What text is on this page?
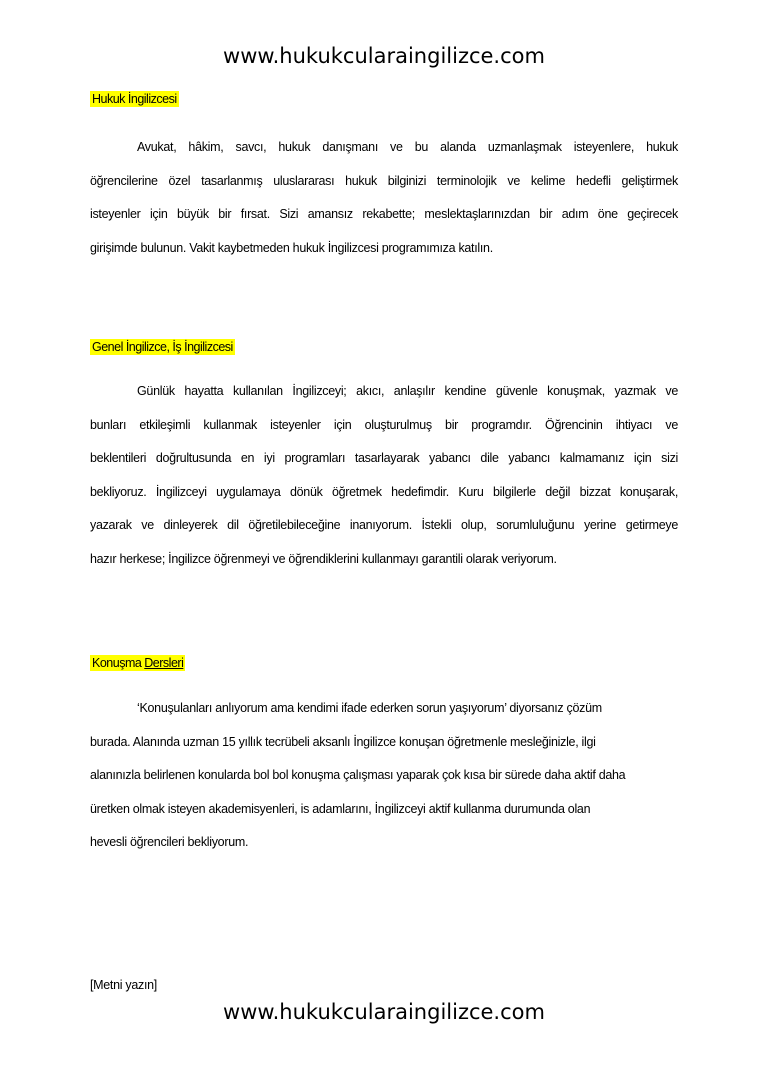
www.hukukcularaingilizce.com
Hukuk İngilizcesi
Avukat, hâkim, savcı, hukuk danışmanı ve bu alanda uzmanlaşmak isteyenlere, hukuk
öğrencilerine özel tasarlanmış uluslararası hukuk bilginizi terminolojik ve kelime hedefli geliştirmek
isteyenler için büyük bir fırsat. Sizi amansız rekabette; meslektaşlarınızdan bir adım öne geçirecek
girişimde bulunun. Vakit kaybetmeden hukuk İngilizcesi programımıza katılın.
Genel İngilizce, İş İngilizcesi
Günlük hayatta kullanılan İngilizceyi; akıcı, anlaşılır kendine güvenle konuşmak, yazmak ve
bunları etkileşimli kullanmak isteyenler için oluşturulmuş bir programdır. Öğrencinin ihtiyacı ve
beklentileri doğrultusunda en iyi programları tasarlayarak yabancı dile yabancı kalmamanız için sizi
bekliyoruz. İngilizceyi uygulamaya dönük öğretmek hedefimdir. Kuru bilgilerle değil bizzat konuşarak,
yazarak ve dinleyerek dil öğretilebileceğine inanıyorum. İstekli olup, sorumluluğunu yerine getirmeye
hazır herkese; İngilizce öğrenmeyi ve öğrendiklerini kullanmayı garantili olarak veriyorum.
Konuşma Dersleri
‘Konuşulanları anlıyorum ama kendimi ifade ederken sorun yaşıyorum’ diyorsanız çözüm
burada. Alanında uzman 15 yıllık tecrübeli aksanlı İngilizce konuşan öğretmenle mesleğinizle, ilgi
alanınızla belirlenen konularda bol bol konuşma çalışması yaparak çok kısa bir sürede daha aktif daha
üretken olmak isteyen akademisyenleri, is adamlarını, İngilizceyi aktif kullanma durumunda olan
hevesli öğrencileri bekliyorum.
[Metni yazın]
www.hukukcularaingilizce.com
